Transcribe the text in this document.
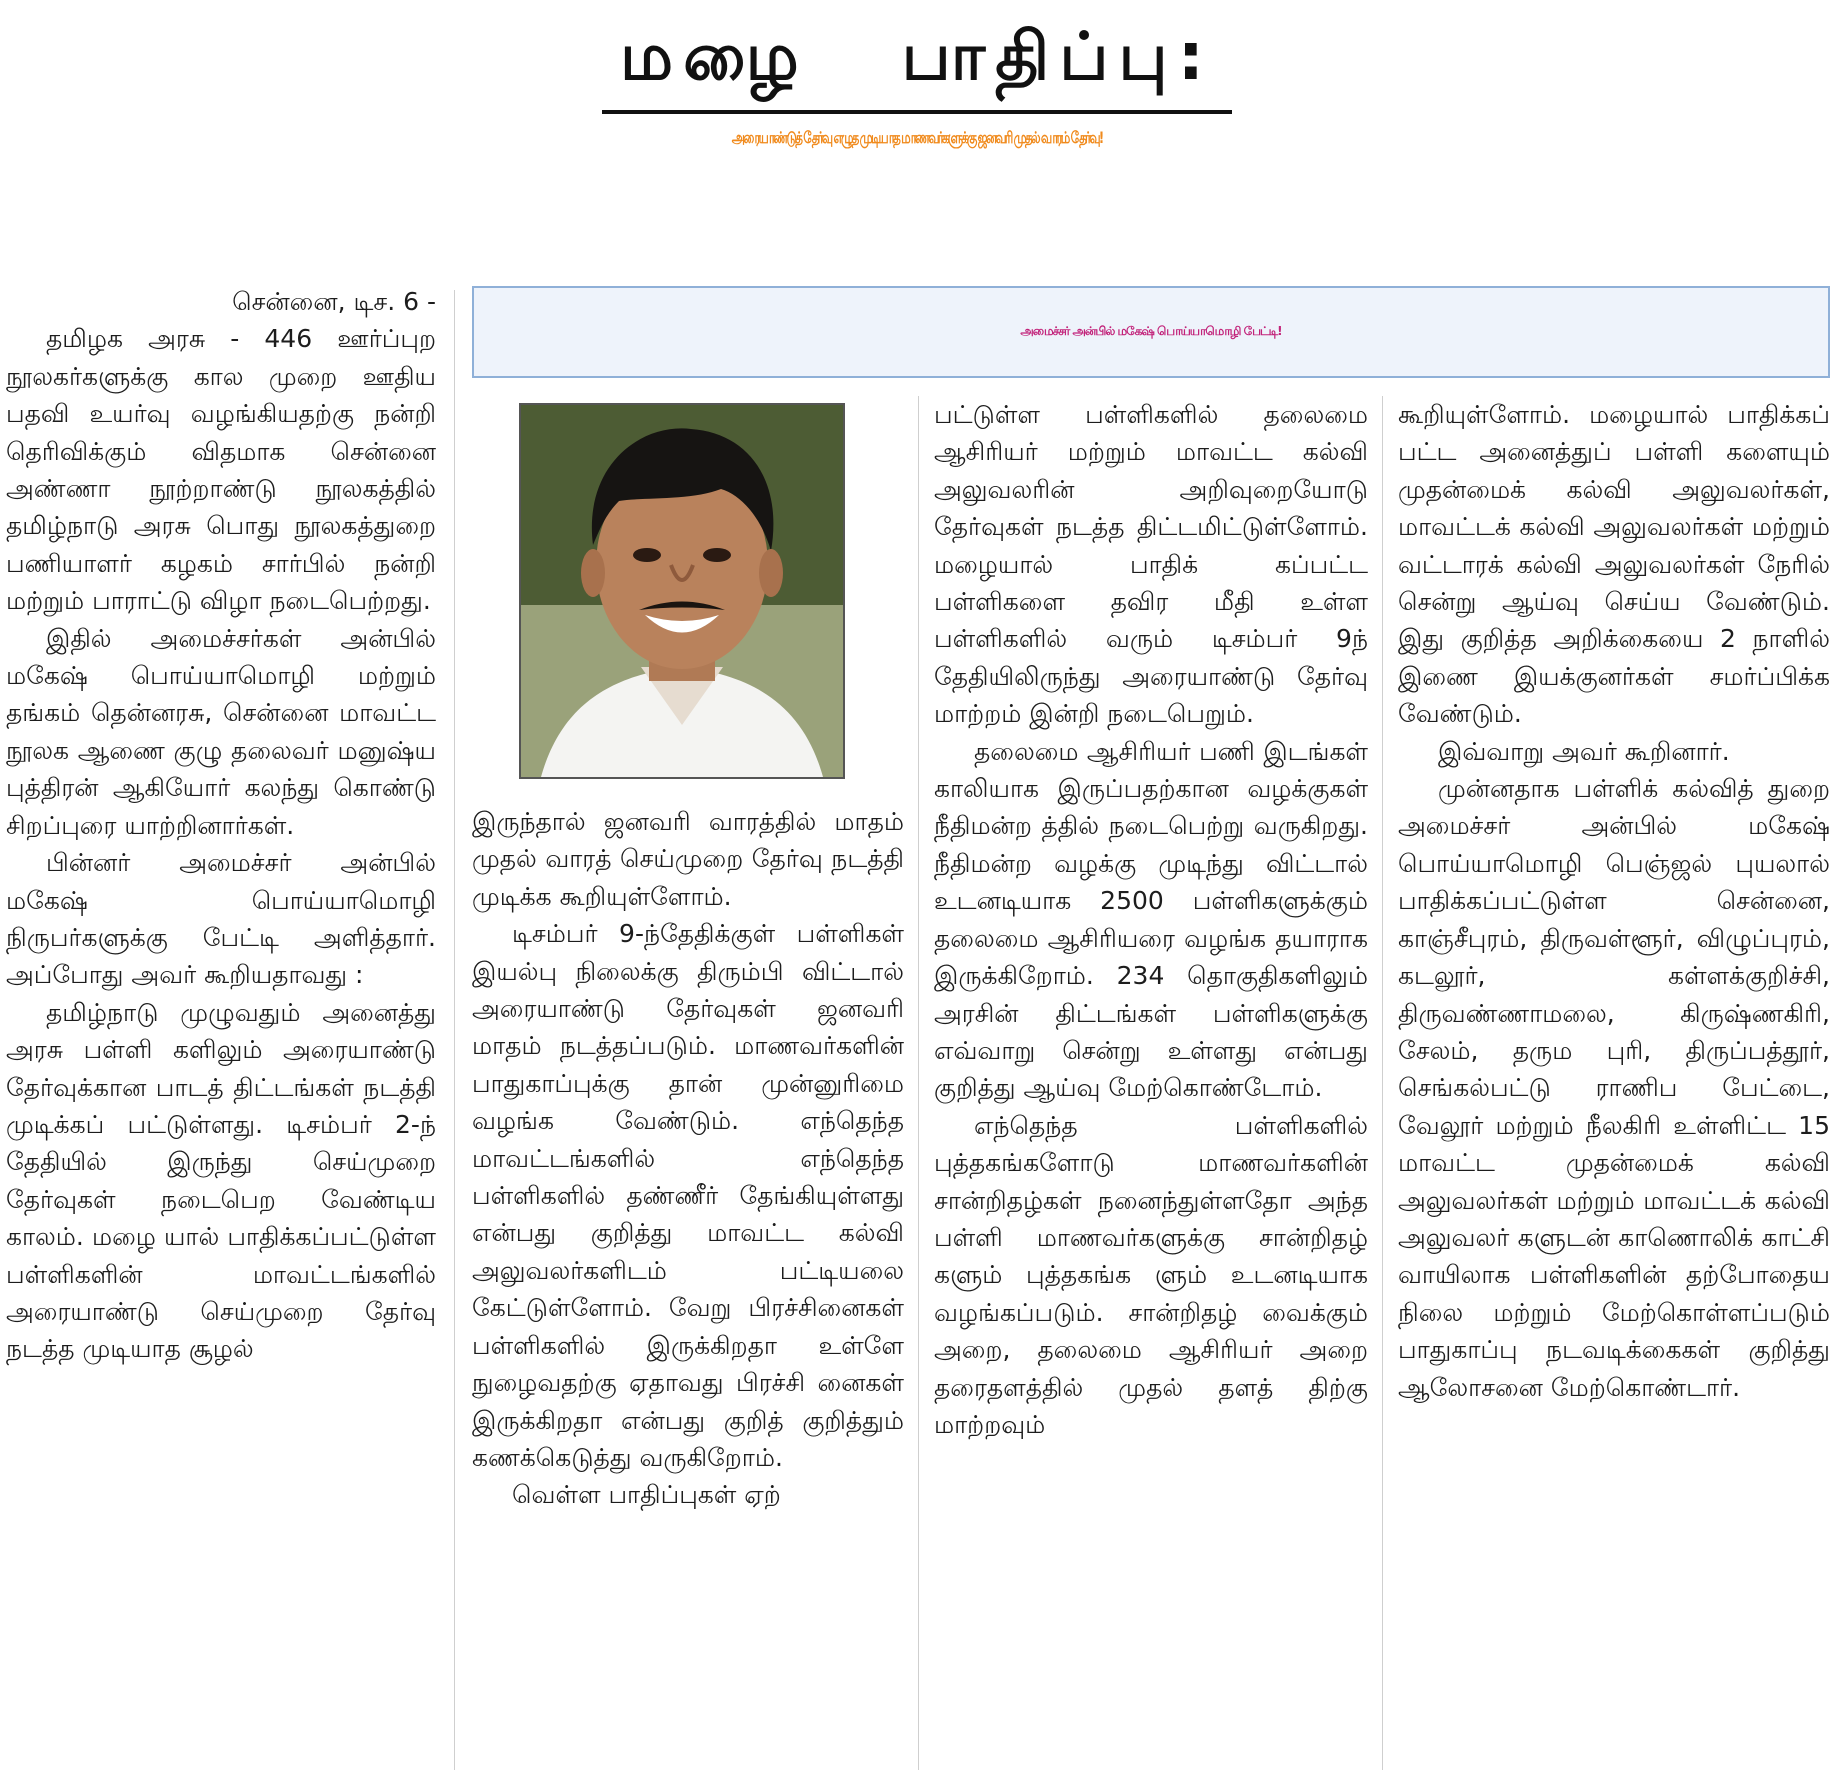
மழை பாதிப்பு:
அரையாண்டுத் தேர்வு எழுத முடியாத மாணவர்களுக்கு ஜனவரி முதல் வாரம் தேர்வு!
அமைச்சர் அன்பில் மகேஷ் பொய்யாமொழி பேட்டி!

சென்னை, டிச. 6 -

தமிழக அரசு - 446 ஊர்ப்புற நூலகர்களுக்கு கால முறை ஊதிய பதவி உயர்வு வழங்கியதற்கு நன்றி தெரிவிக்கும் விதமாக சென்னை அண்ணா நூற்றாண்டு நூலகத்தில் தமிழ்நாடு அரசு பொது நூலகத்துறை பணியாளர் கழகம் சார்பில் நன்றி மற்றும் பாராட்டு விழா நடைபெற்றது.

இதில் அமைச்சர்கள் அன்பில் மகேஷ் பொய்யாமொழி மற்றும் தங்கம் தென்னரசு, சென்னை மாவட்ட நூலக ஆணை குழு தலைவர் மனுஷ்ய புத்திரன் ஆகியோர் கலந்து கொண்டு சிறப்புரை யாற்றினார்கள்.

பின்னர் அமைச்சர் அன்பில் மகேஷ் பொய்யாமொழி நிருபர்களுக்கு பேட்டி அளித்தார். அப்போது அவர் கூறியதாவது :

தமிழ்நாடு முழுவதும் அனைத்து அரசு பள்ளி களிலும் அரையாண்டு தேர்வுக்கான பாடத் திட்டங்கள் நடத்தி முடிக்கப் பட்டுள்ளது. டிசம்பர் 2-ந் தேதியில் இருந்து செய்முறை தேர்வுகள் நடைபெற வேண்டிய காலம். மழை யால் பாதிக்கப்பட்டுள்ள பள்ளிகளின் மாவட்டங்களில் அரையாண்டு செய்முறை தேர்வு நடத்த முடியாத சூழல்

இருந்தால் ஜனவரி வாரத்தில் மாதம் முதல் வாரத் செய்முறை தேர்வு நடத்தி முடிக்க கூறியுள்ளோம்.

டிசம்பர் 9-ந்தேதிக்குள் பள்ளிகள் இயல்பு நிலைக்கு திரும்பி விட்டால் அரையாண்டு தேர்வுகள் ஜனவரி மாதம் நடத்தப்படும். மாணவர்களின் பாதுகாப்புக்கு தான் முன்னுரிமை வழங்க வேண்டும். எந்தெந்த மாவட்டங்களில் எந்தெந்த பள்ளிகளில் தண்ணீர் தேங்கியுள்ளது என்பது குறித்து மாவட்ட கல்வி அலுவலர்களிடம் பட்டியலை கேட்டுள்ளோம். வேறு பிரச்சினைகள் பள்ளிகளில் இருக்கிறதா உள்ளே நுழைவதற்கு ஏதாவது பிரச்சி னைகள் இருக்கிறதா என்பது குறித் குறித்தும் கணக்கெடுத்து வருகிறோம்.

வெள்ள பாதிப்புகள் ஏற்

பட்டுள்ள பள்ளிகளில் தலைமை ஆசிரியர் மற்றும் மாவட்ட கல்வி அலுவலரின் அறிவுறையோடு தேர்வுகள் நடத்த திட்டமிட்டுள்ளோம். மழையால் பாதிக் கப்பட்ட பள்ளிகளை தவிர மீதி உள்ள பள்ளிகளில் வரும் டிசம்பர் 9ந் தேதியிலிருந்து அரையாண்டு தேர்வு மாற்றம் இன்றி நடைபெறும்.

தலைமை ஆசிரியர் பணி இடங்கள் காலியாக இருப்பதற்கான வழக்குகள் நீதிமன்ற த்தில் நடைபெற்று வருகிறது. நீதிமன்ற வழக்கு முடிந்து விட்டால் உடனடியாக 2500 பள்ளிகளுக்கும் தலைமை ஆசிரியரை வழங்க தயாராக இருக்கிறோம். 234 தொகுதிகளிலும் அரசின் திட்டங்கள் பள்ளிகளுக்கு எவ்வாறு சென்று உள்ளது என்பது குறித்து ஆய்வு மேற்கொண்டோம்.

எந்தெந்த பள்ளிகளில் புத்தகங்களோடு மாணவர்களின் சான்றிதழ்கள் நனைந்துள்ளதோ அந்த பள்ளி மாணவர்களுக்கு சான்றிதழ் களும் புத்தகங்க ளும் உடனடியாக வழங்கப்படும். சான்றிதழ் வைக்கும் அறை, தலைமை ஆசிரியர் அறை தரைதளத்தில் முதல் தளத் திற்கு மாற்றவும்

கூறியுள்ளோம். மழையால் பாதிக்கப் பட்ட அனைத்துப் பள்ளி களையும் முதன்மைக் கல்வி அலுவலர்கள், மாவட்டக் கல்வி அலுவலர்கள் மற்றும் வட்டாரக் கல்வி அலுவலர்கள் நேரில் சென்று ஆய்வு செய்ய வேண்டும். இது குறித்த அறிக்கையை 2 நாளில் இணை இயக்குனர்கள் சமர்ப்பிக்க வேண்டும்.

இவ்வாறு அவர் கூறினார்.

முன்னதாக பள்ளிக் கல்வித் துறை அமைச்சர் அன்பில் மகேஷ் பொய்யாமொழி பெஞ்ஜல் புயலால் பாதிக்கப்பட்டுள்ள சென்னை, காஞ்சீபுரம், திருவள்ளூர், விழுப்புரம், கடலூர், கள்ளக்குறிச்சி, திருவண்ணாமலை, கிருஷ்ணகிரி, சேலம், தரும புரி, திருப்பத்தூர், செங்கல்பட்டு ராணிப பேட்டை, வேலூர் மற்றும் நீலகிரி உள்ளிட்ட 15 மாவட்ட முதன்மைக் கல்வி அலுவலர்கள் மற்றும் மாவட்டக் கல்வி அலுவலர் களுடன் காணொலிக் காட்சி வாயிலாக பள்ளிகளின் தற்போதைய நிலை மற்றும் மேற்கொள்ளப்படும் பாதுகாப்பு நடவடிக்கைகள் குறித்து ஆலோசனை மேற்கொண்டார்.
